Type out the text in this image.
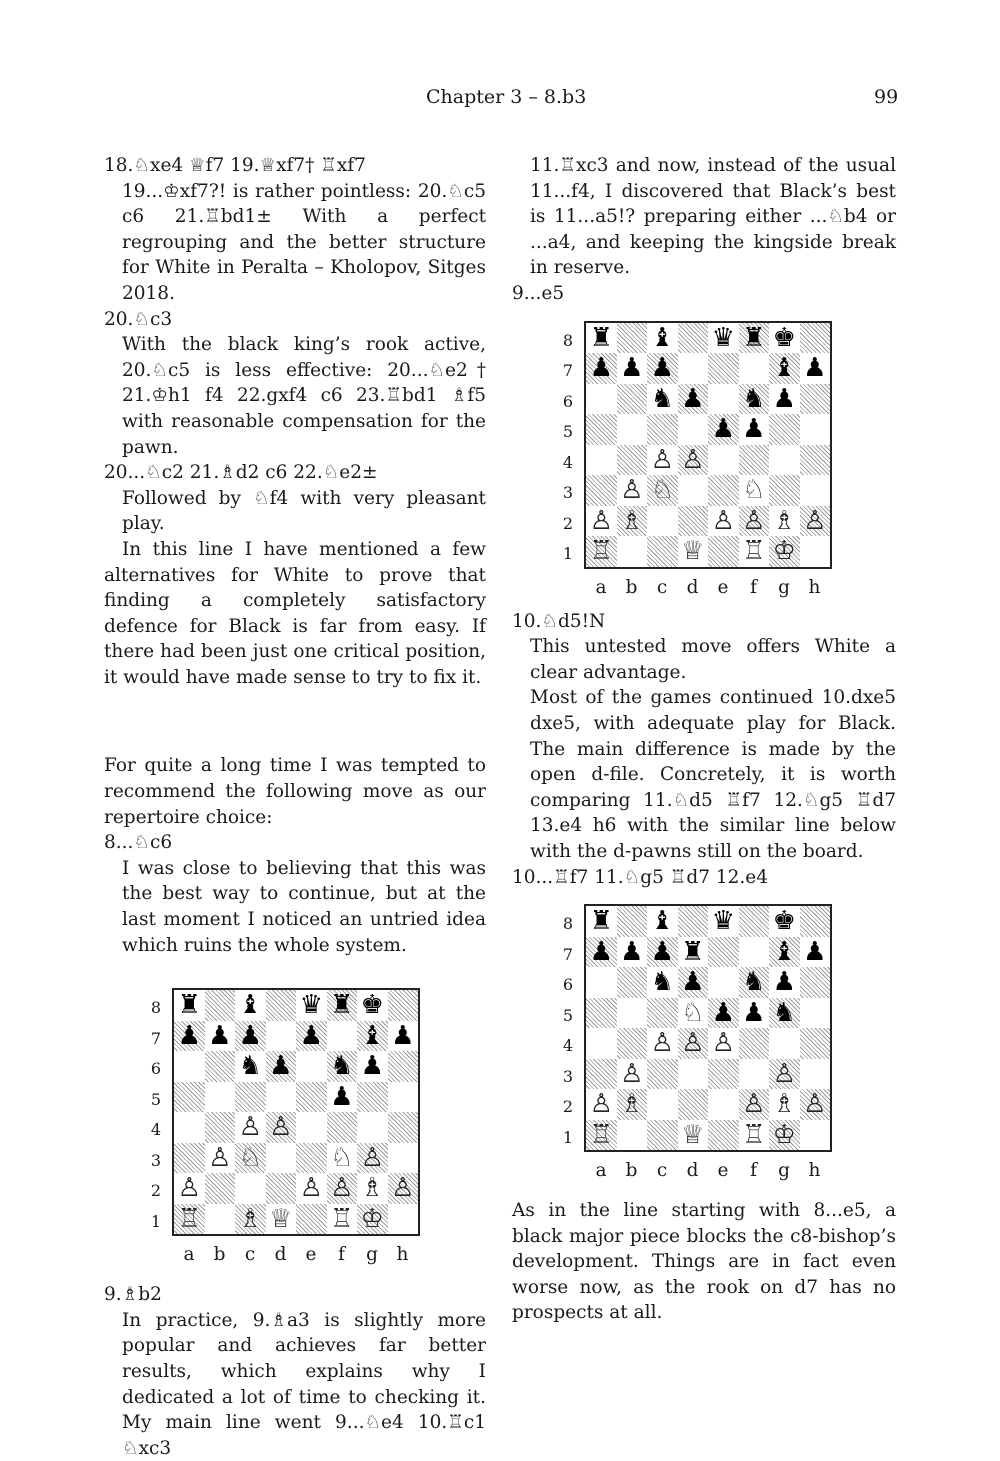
Chapter 3 – 8.b3	99

18.♘xe4 ♕f7 19.♕xf7† ♖xf7

19...♔xf7?! is rather pointless: 20.♘c5 c6 21.♖bd1± With a perfect regrouping and the better structure for White in Peralta – Kholopov, Sitges 2018.

20.♘c3

With the black king’s rook active, 20.♘c5 is less effective: 20...♘e2† 21.♔h1 f4 22.gxf4 c6 23.♖bd1 ♗f5 with reasonable compensation for the pawn.

20...♘c2 21.♗d2 c6 22.♘e2±

Followed by ♘f4 with very pleasant play.

In this line I have mentioned a few alternatives for White to prove that finding a completely satisfactory defence for Black is far from easy. If there had been just one critical position, it would have made sense to try to fix it.

For quite a long time I was tempted to recommend the following move as our repertoire choice:

8...♘c6

I was close to believing that this was the best way to continue, but at the last moment I noticed an untried idea which ruins the whole system.

8
7
6
5
4
3
2
1
♜ ♝ ♛ ♜ ♚
♟ ♟ ♟ ♟ ♝ ♟
♞ ♟ ♞ ♟
♟
♙ ♙
♙ ♘	♘ ♙
♙	♙ ♙ ♗ ♙
♖ ♗ ♕ ♖ ♔
a	b	c	d	e	f	g	h

9.♗b2

In practice, 9.♗a3 is slightly more popular and achieves far better results, which explains why I dedicated a lot of time to checking it. My main line went 9...♘e4 10.♖c1 ♘xc3

11.♖xc3 and now, instead of the usual 11...f4, I discovered that Black’s best is 11...a5!? preparing either ...♘b4 or ...a4, and keeping the kingside break in reserve.

9...e5

8
7
6
5
4
3
2
1
♜ ♝ ♛ ♜ ♚
♟ ♟ ♟	♝ ♟
♞ ♟ ♞ ♟
♟ ♟
♙ ♙
♙ ♘	♘
♙ ♗	♙ ♙ ♗ ♙
♖	♕ ♖ ♔
a	b	c	d	e	f	g	h

10.♘d5!N

This untested move offers White a clear advantage.

Most of the games continued 10.dxe5 dxe5, with adequate play for Black. The main difference is made by the open d-file. Concretely, it is worth comparing 11.♘d5 ♖f7 12.♘g5 ♖d7 13.e4 h6 with the similar line below with the d-pawns still on the board.

10...♖f7 11.♘g5 ♖d7 12.e4

8
7
6
5
4
3
2
1
♜ ♝ ♛ ♚
♟ ♟ ♟ ♜	♝ ♟
♞ ♟ ♞ ♟
♘ ♟ ♟ ♞
♙ ♙ ♙
♙	♙
♙ ♗	♙ ♗ ♙
♖	♕ ♖ ♔
a	b	c	d	e	f	g	h

As in the line starting with 8...e5, a black major piece blocks the c8-bishop’s development. Things are in fact even worse now, as the rook on d7 has no prospects at all.
